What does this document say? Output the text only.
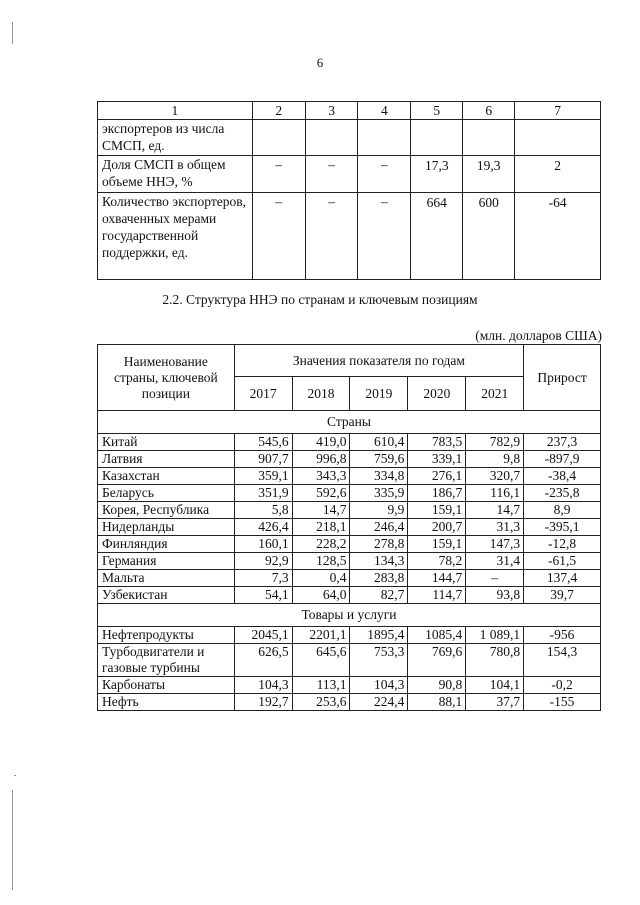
6
1	2	3	4	5	6	7
экспортеров из числа СМСП, ед.						
Доля СМСП в общем объеме ННЭ, %	–	–	–	17,3	19,3	2
Количество экспортеров, охваченных мерами государственной поддержки, ед.	–	–	–	664	600	-64
2.2. Структура ННЭ по странам и ключевым позициям
(млн. долларов США)
Наименование страны, ключевой позиции	Значения показателя по годам					Прирост
	2017	2018	2019	2020	2021	
Страны						
Китай	545,6	419,0	610,4	783,5	782,9	237,3
Латвия	907,7	996,8	759,6	339,1	9,8	-897,9
Казахстан	359,1	343,3	334,8	276,1	320,7	-38,4
Беларусь	351,9	592,6	335,9	186,7	116,1	-235,8
Корея, Республика	5,8	14,7	9,9	159,1	14,7	8,9
Нидерланды	426,4	218,1	246,4	200,7	31,3	-395,1
Финляндия	160,1	228,2	278,8	159,1	147,3	-12,8
Германия	92,9	128,5	134,3	78,2	31,4	-61,5
Мальта	7,3	0,4	283,8	144,7	–	137,4
Узбекистан	54,1	64,0	82,7	114,7	93,8	39,7
Товары и услуги						
Нефтепродукты	2045,1	2201,1	1895,4	1085,4	1 089,1	-956
Турбодвигатели и газовые турбины	626,5	645,6	753,3	769,6	780,8	154,3
Карбонаты	104,3	113,1	104,3	90,8	104,1	-0,2
Нефть	192,7	253,6	224,4	88,1	37,7	-155
